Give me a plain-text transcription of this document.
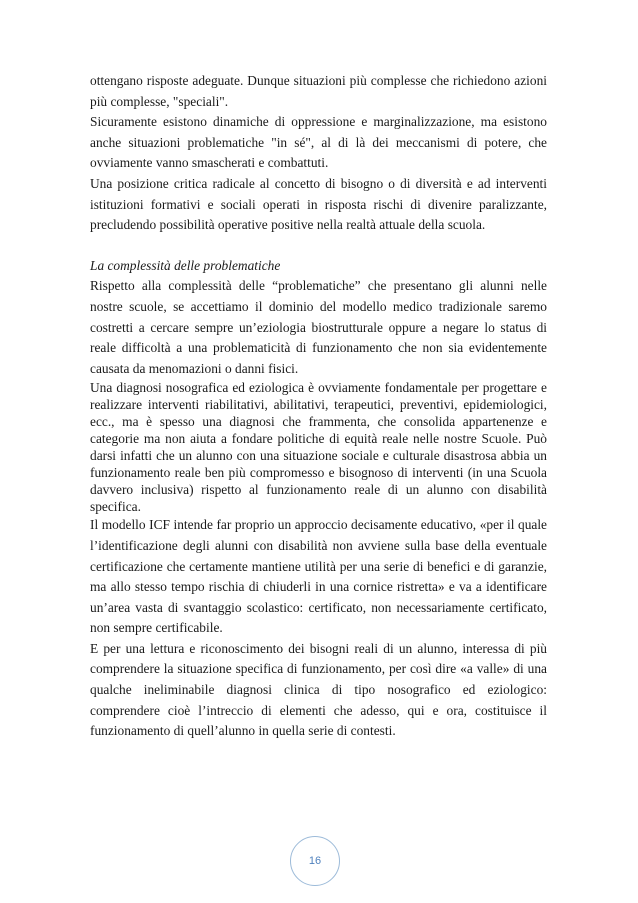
ottengano risposte adeguate. Dunque situazioni più complesse che richiedono azioni più complesse, "speciali".

Sicuramente esistono dinamiche di oppressione e marginalizzazione, ma esistono anche situazioni problematiche "in sé", al di là dei meccanismi di potere, che ovviamente vanno smascherati e combattuti.

Una posizione critica radicale al concetto di bisogno o di diversità e ad interventi istituzioni formativi e sociali operati in risposta rischi di divenire paralizzante, precludendo possibilità operative positive nella realtà attuale della scuola.

La complessità delle problematiche

Rispetto alla complessità delle “problematiche” che presentano gli alunni nelle nostre scuole, se accettiamo il dominio del modello medico tradizionale saremo costretti a cercare sempre un’eziologia biostrutturale oppure a negare lo status di reale difficoltà a una problematicità di funzionamento che non sia evidentemente causata da menomazioni o danni fisici.

Una diagnosi nosografica ed eziologica è ovviamente fondamentale per progettare e realizzare interventi riabilitativi, abilitativi, terapeutici, preventivi, epidemiologici, ecc., ma è spesso una diagnosi che frammenta, che consolida appartenenze e categorie ma non aiuta a fondare politiche di equità reale nelle nostre Scuole. Può darsi infatti che un alunno con una situazione sociale e culturale disastrosa abbia un funzionamento reale ben più compromesso e bisognoso di interventi (in una Scuola davvero inclusiva) rispetto al funzionamento reale di un alunno con disabilità specifica.

Il modello ICF intende far proprio un approccio decisamente educativo, «per il quale l’identificazione degli alunni con disabilità non avviene sulla base della eventuale certificazione che certamente mantiene utilità per una serie di benefici e di garanzie, ma allo stesso tempo rischia di chiuderli in una cornice ristretta» e va a identificare un’area vasta di svantaggio scolastico: certificato, non necessariamente certificato, non sempre certificabile.

E per una lettura e riconoscimento dei bisogni reali di un alunno, interessa di più comprendere la situazione specifica di funzionamento, per così dire «a valle» di una qualche ineliminabile diagnosi clinica di tipo nosografico ed eziologico: comprendere cioè l’intreccio di elementi che adesso, qui e ora, costituisce il funzionamento di quell’alunno in quella serie di contesti.

16
